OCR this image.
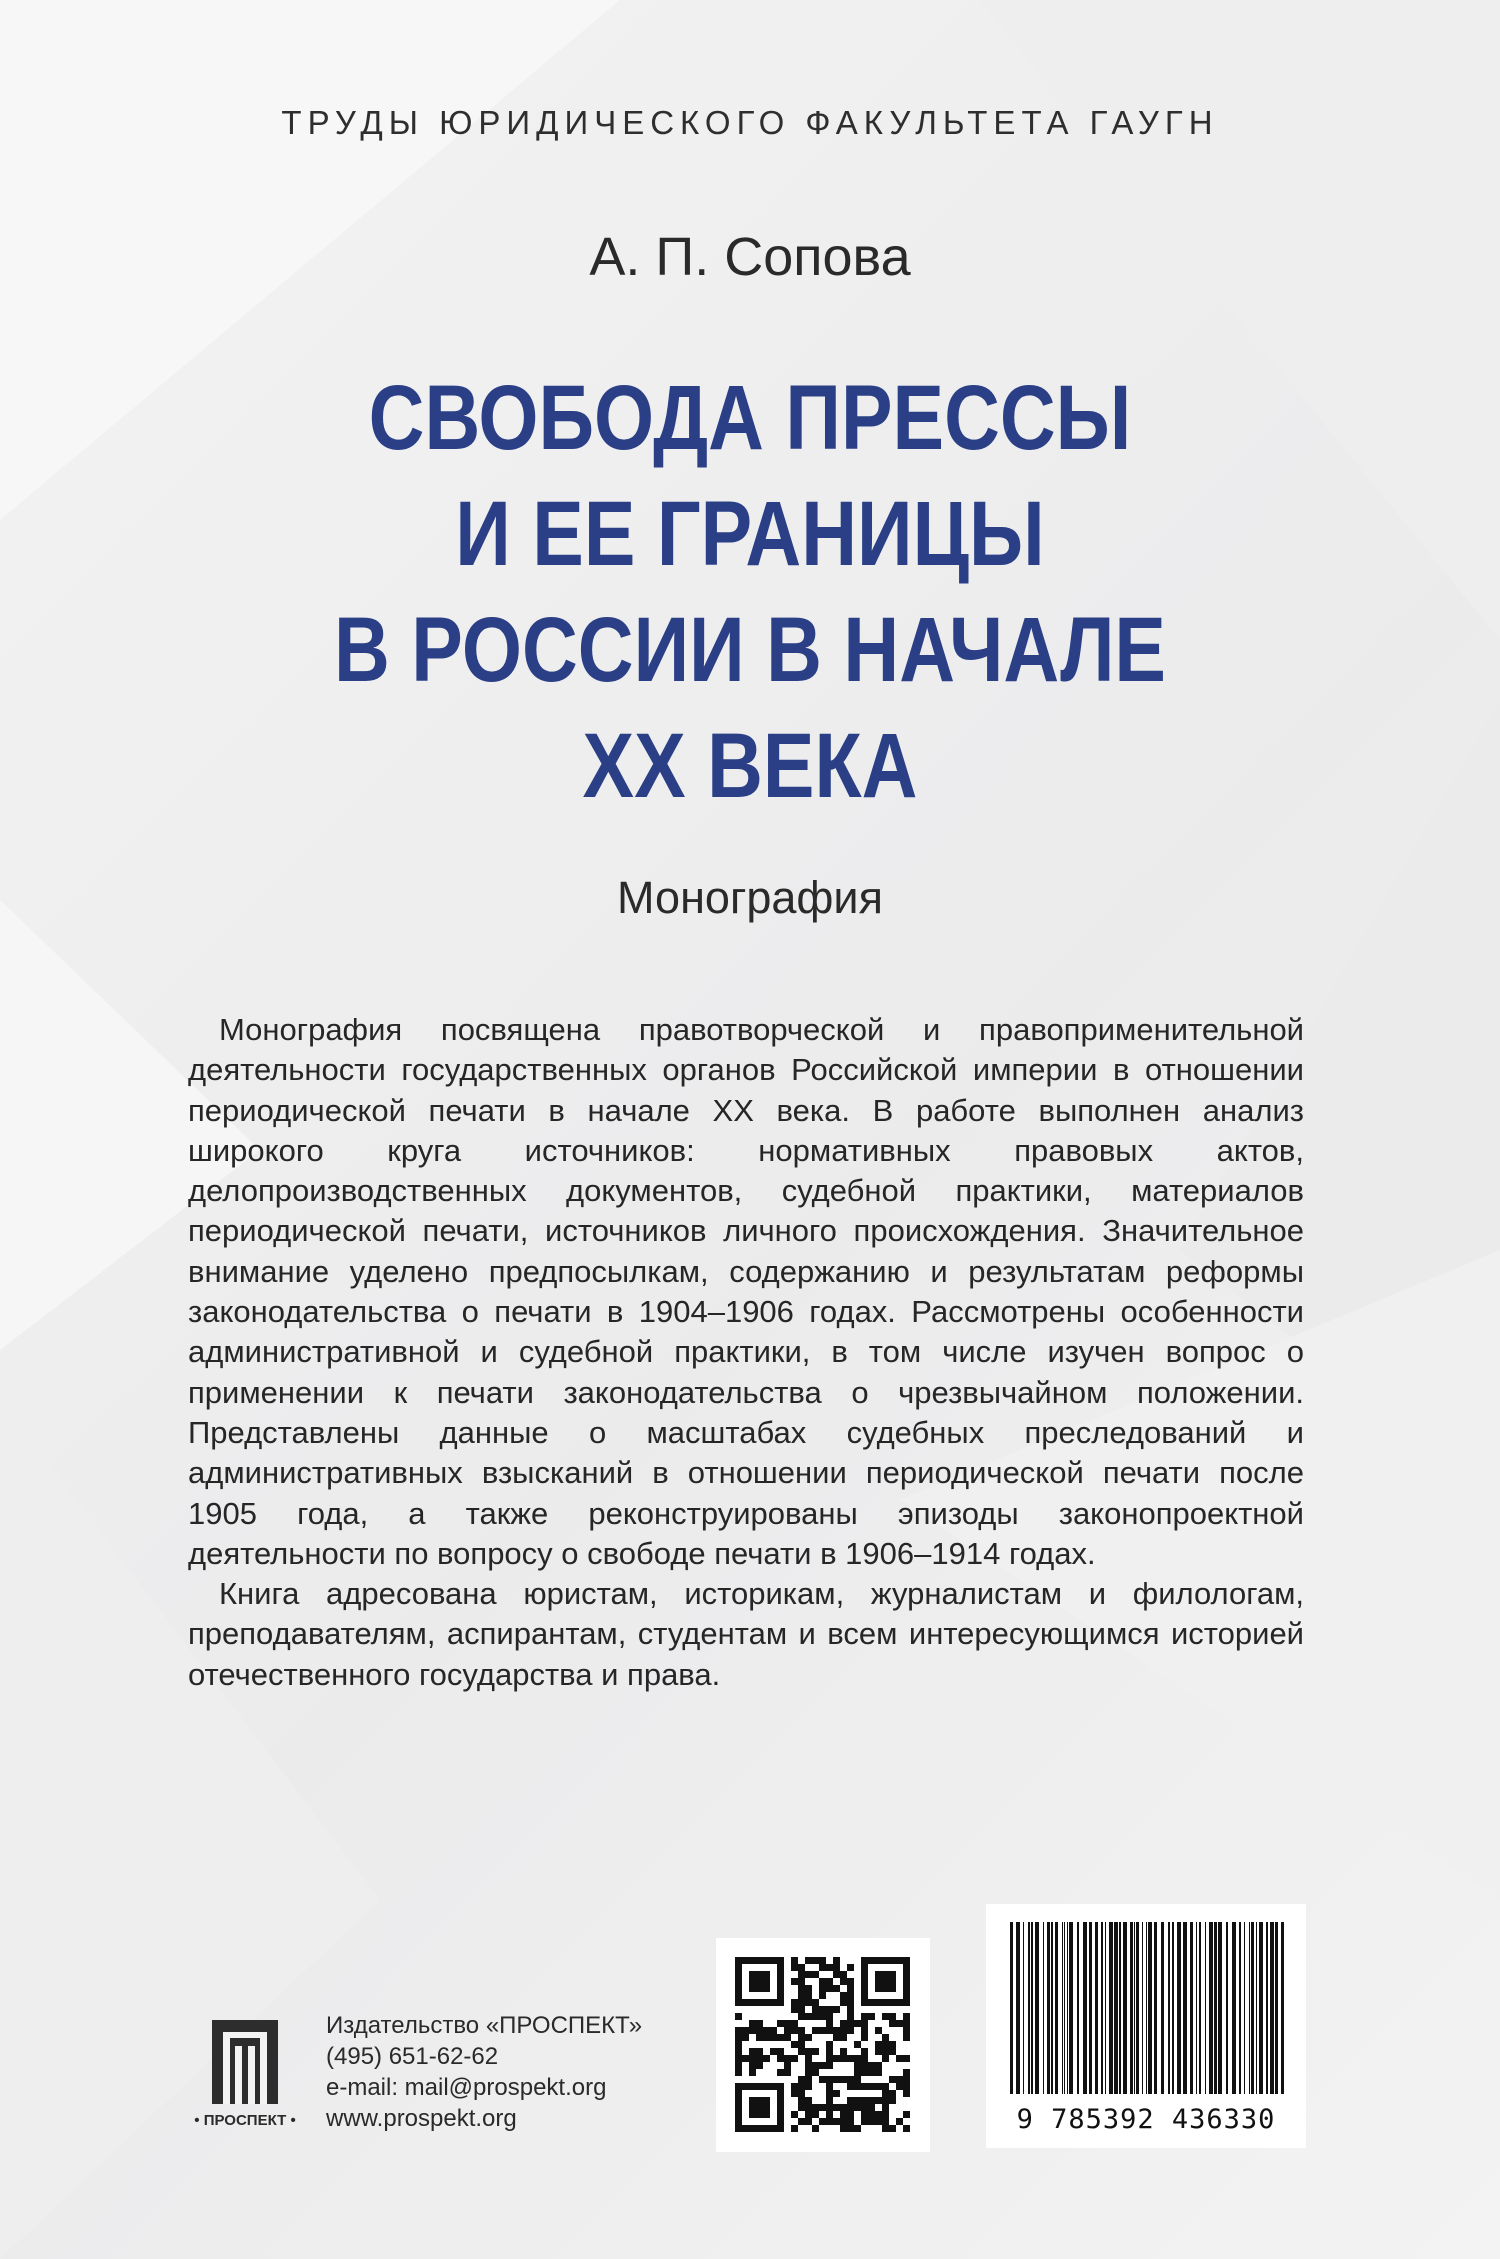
ТРУДЫ ЮРИДИЧЕСКОГО ФАКУЛЬТЕТА ГАУГН
А. П. Сопова
СВОБОДА ПРЕССЫ
И ЕЕ ГРАНИЦЫ
В РОССИИ В НАЧАЛЕ
XX ВЕКА
Монография

Монография посвящена правотворческой и правоприменительной деятельности государственных органов Российской империи в отношении периодической печати в начале XX века. В работе выполнен анализ широкого круга источников: нормативных правовых актов, делопроизводственных документов, судебной практики, материалов периодической печати, источников личного происхождения. Значительное внимание уделено предпосылкам, содержанию и результатам реформы законодательства о печати в 1904–1906 годах. Рассмотрены особенности административной и судебной практики, в том числе изучен вопрос о применении к печати законодательства о чрезвычайном положении. Представлены данные о масштабах судебных преследований и административных взысканий в отношении периодической печати после 1905 года, а также реконструированы эпизоды законопроектной деятельности по вопросу о свободе печати в 1906–1914 годах.

Книга адресована юристам, историкам, журналистам и филологам, преподавателям, аспирантам, студентам и всем интересующимся историей отечественного государства и права.

• ПРОСПЕКТ •
Издательство «ПРОСПЕКТ»
(495) 651-62-62
e-mail: mail@prospekt.org
www.prospekt.org	9 785392 436330
